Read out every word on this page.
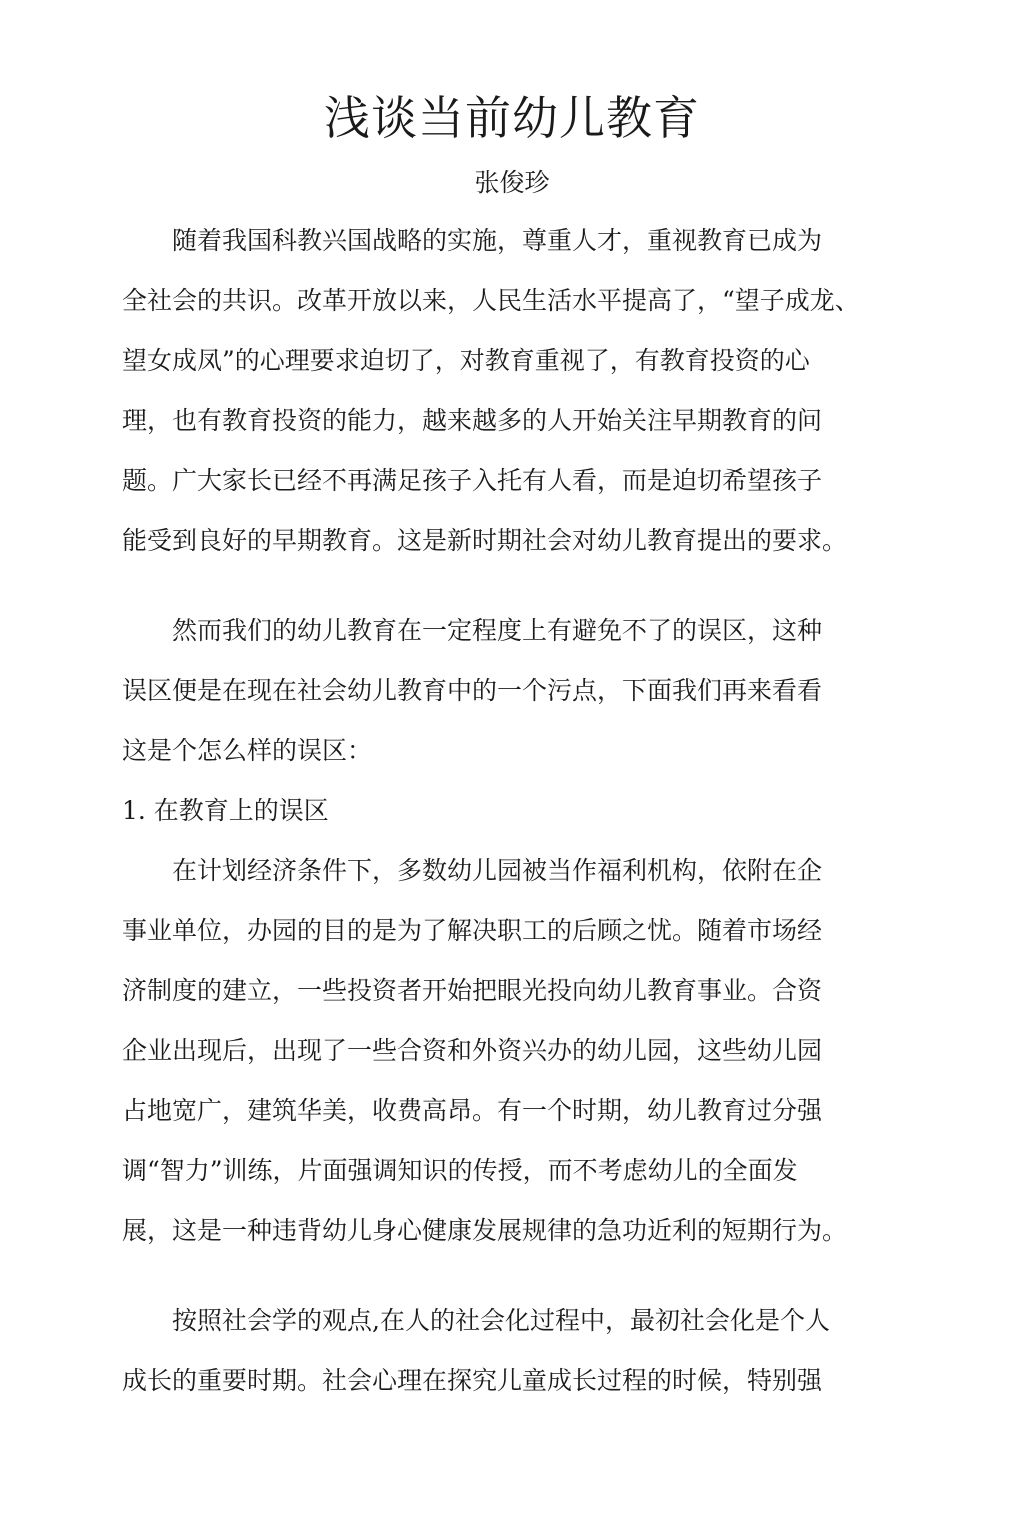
浅谈当前幼儿教育
张俊珍
　　随着我国科教兴国战略的实施，尊重人才，重视教育已成为
全社会的共识。改革开放以来，人民生活水平提高了，“望子成龙、
望女成凤”的心理要求迫切了，对教育重视了，有教育投资的心
理，也有教育投资的能力，越来越多的人开始关注早期教育的问
题。广大家长已经不再满足孩子入托有人看，而是迫切希望孩子
能受到良好的早期教育。这是新时期社会对幼儿教育提出的要求。
　　然而我们的幼儿教育在一定程度上有避免不了的误区，这种
误区便是在现在社会幼儿教育中的一个污点，下面我们再来看看
这是个怎么样的误区：
1. 在教育上的误区
　　在计划经济条件下，多数幼儿园被当作福利机构，依附在企
事业单位，办园的目的是为了解决职工的后顾之忧。随着市场经
济制度的建立，一些投资者开始把眼光投向幼儿教育事业。合资
企业出现后，出现了一些合资和外资兴办的幼儿园，这些幼儿园
占地宽广，建筑华美，收费高昂。有一个时期，幼儿教育过分强
调“智力”训练，片面强调知识的传授，而不考虑幼儿的全面发
展，这是一种违背幼儿身心健康发展规律的急功近利的短期行为。
　　按照社会学的观点,在人的社会化过程中，最初社会化是个人
成长的重要时期。社会心理在探究儿童成长过程的时候，特别强
